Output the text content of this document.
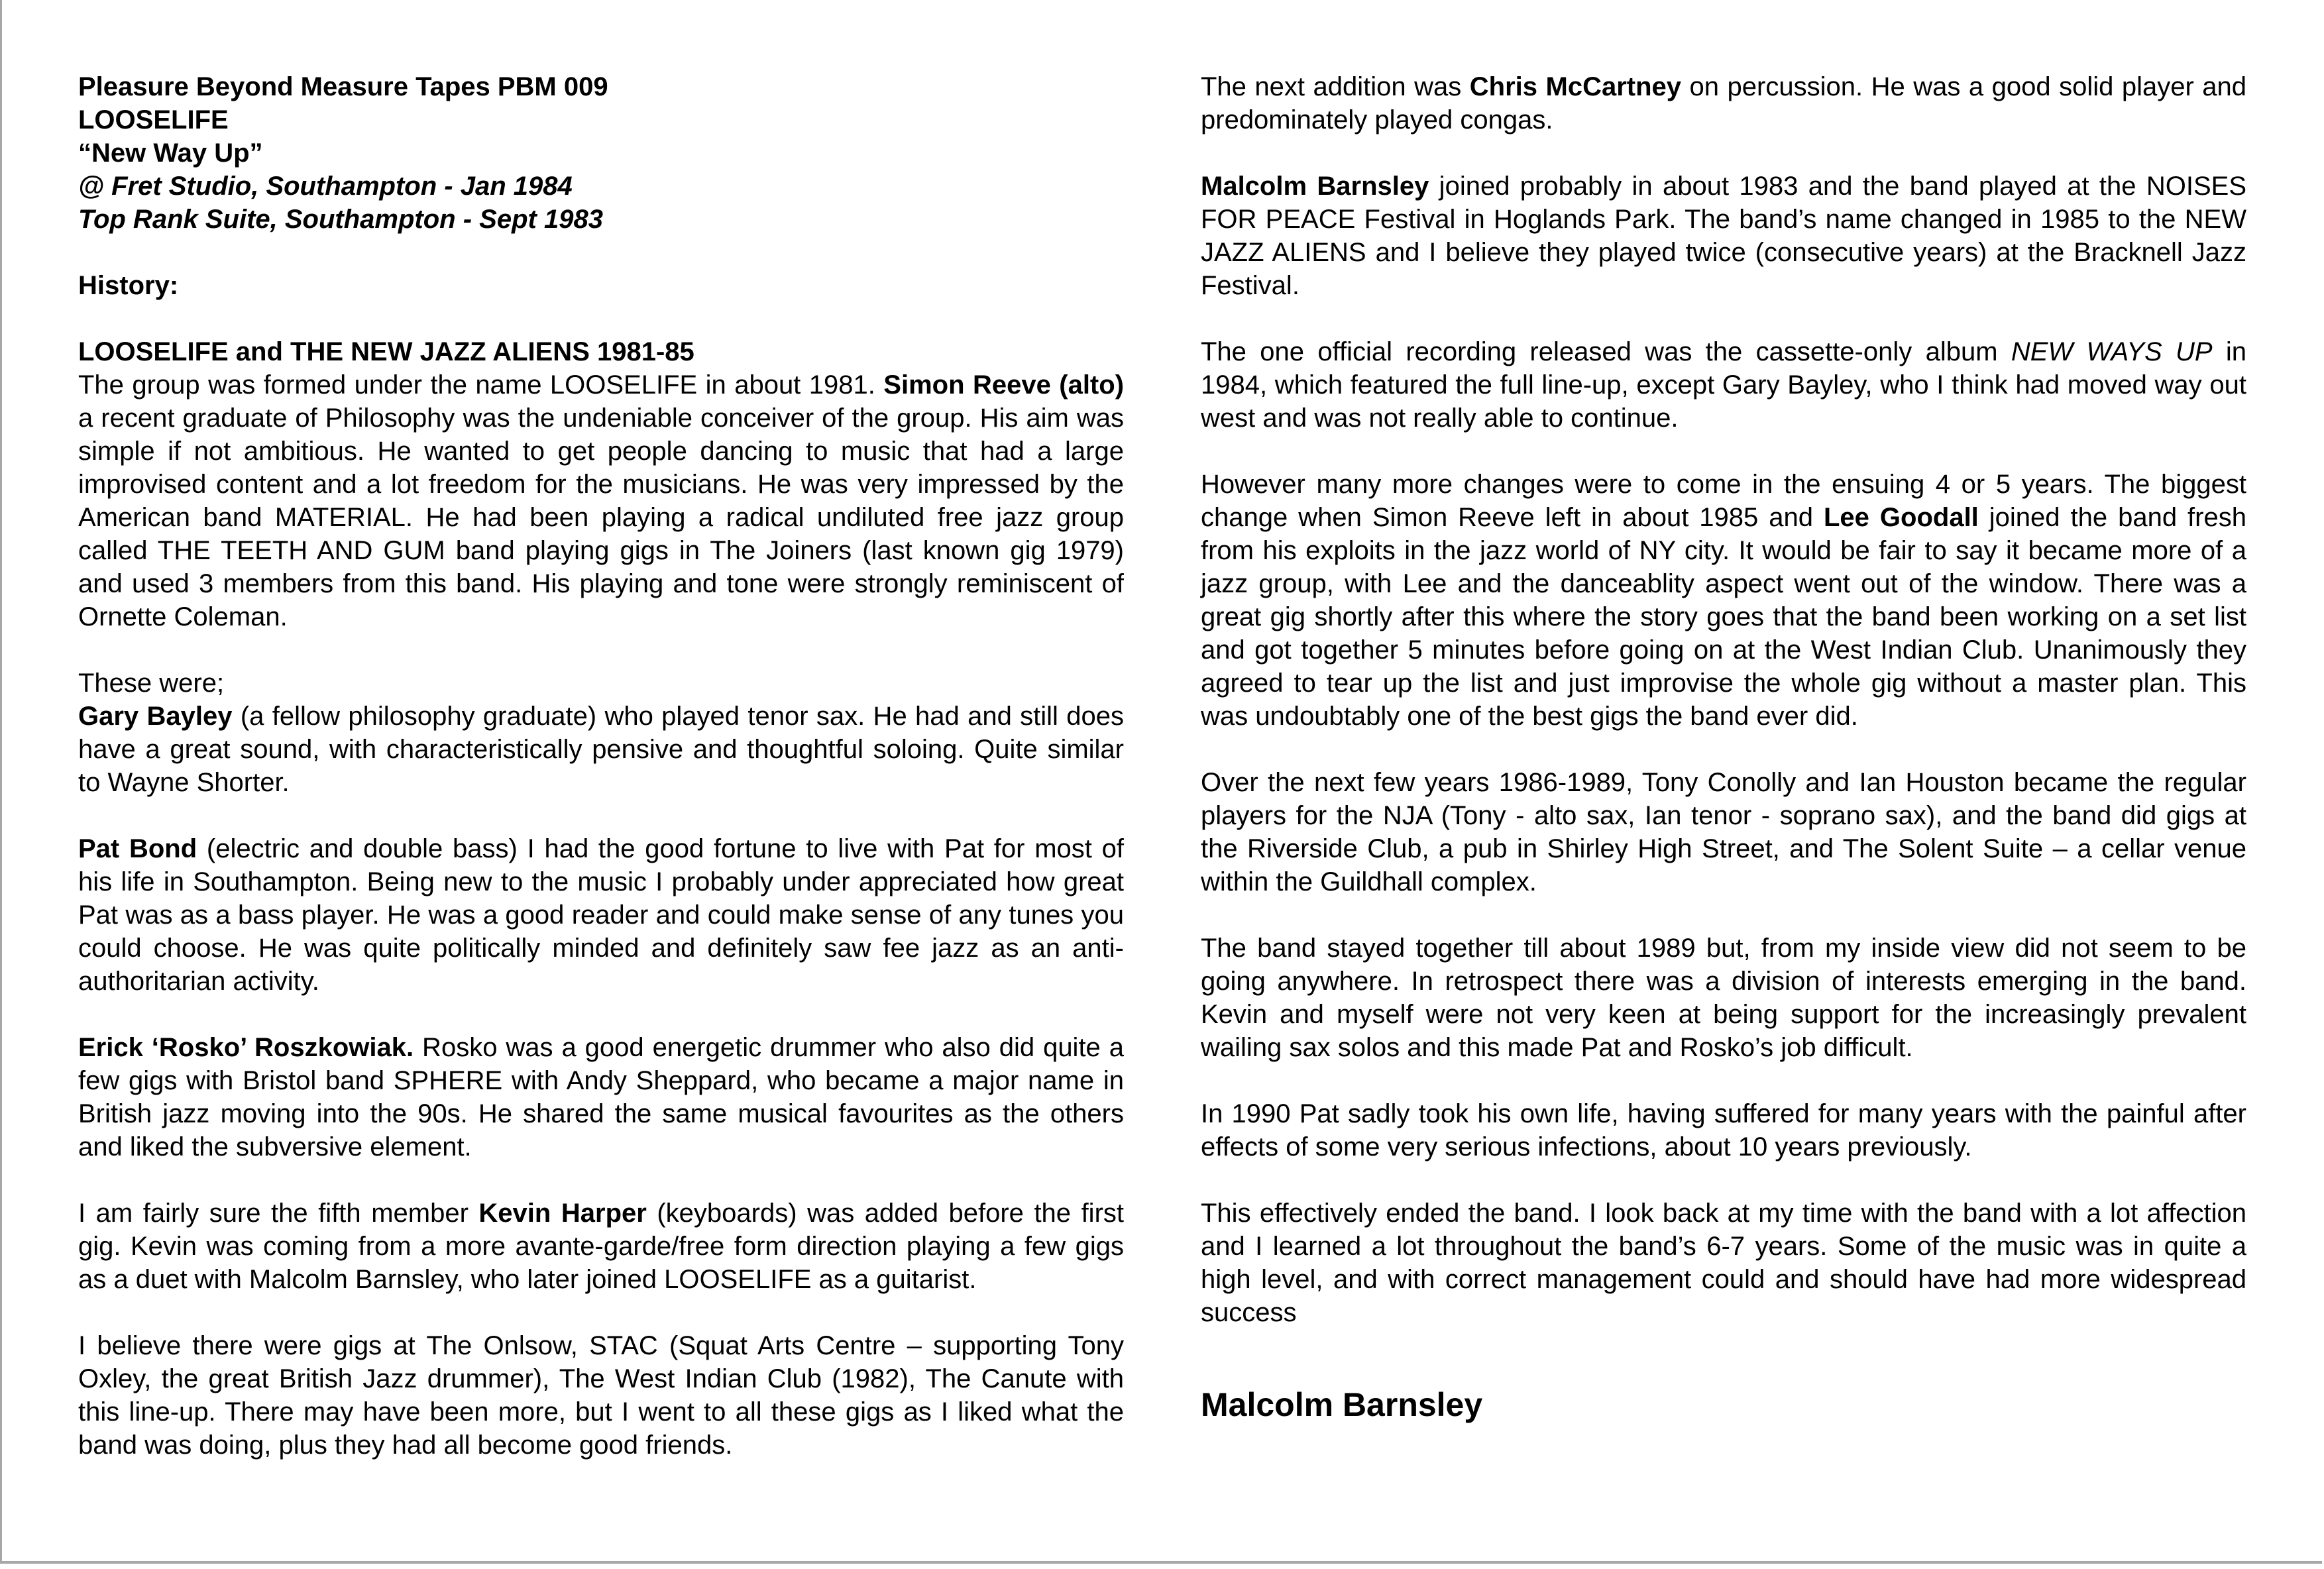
Pleasure Beyond Measure Tapes PBM 009
LOOSELIFE
“New Way Up”
@ Fret Studio, Southampton - Jan 1984
Top Rank Suite, Southampton - Sept 1983
History:
LOOSELIFE and THE NEW JAZZ ALIENS 1981-85

The group was formed under the name LOOSELIFE in about 1981. Simon Reeve (alto) a recent graduate of Philosophy was the undeniable conceiver of the group. His aim was simple if not ambitious. He wanted to get people dancing to music that had a large improvised content and a lot freedom for the musicians. He was very impressed by the American band MATERIAL. He had been playing a radical undiluted free jazz group called THE TEETH AND GUM band playing gigs in The Joiners (last known gig 1979) and used 3 members from this band. His playing and tone were strongly reminiscent of Ornette Coleman.

These were;

Gary Bayley (a fellow philosophy graduate) who played tenor sax. He had and still does have a great sound, with characteristically pensive and thoughtful soloing. Quite similar to Wayne Shorter.

Pat Bond (electric and double bass) I had the good fortune to live with Pat for most of his life in Southampton. Being new to the music I probably under appreciated how great Pat was as a bass player. He was a good reader and could make sense of any tunes you could choose. He was quite politically minded and definitely saw fee jazz as an anti-authoritarian activity.

Erick ‘Rosko’ Roszkowiak. Rosko was a good energetic drummer who also did quite a few gigs with Bristol band SPHERE with Andy Sheppard, who became a major name in British jazz moving into the 90s. He shared the same musical favourites as the others and liked the subversive element.

I am fairly sure the fifth member Kevin Harper (keyboards) was added before the first gig. Kevin was coming from a more avante-garde/free form direction playing a few gigs as a duet with Malcolm Barnsley, who later joined LOOSELIFE as a guitarist.

I believe there were gigs at The Onlsow, STAC (Squat Arts Centre – supporting Tony Oxley, the great British Jazz drummer), The West Indian Club (1982), The Canute with this line-up. There may have been more, but I went to all these gigs as I liked what the band was doing, plus they had all become good friends.

The next addition was Chris McCartney on percussion. He was a good solid player and predominately played congas.

Malcolm Barnsley joined probably in about 1983 and the band played at the NOISES FOR PEACE Festival in Hoglands Park. The band’s name changed in 1985 to the NEW JAZZ ALIENS and I believe they played twice (consecutive years) at the Bracknell Jazz Festival.

The one official recording released was the cassette-only album NEW WAYS UP in 1984, which featured the full line-up, except Gary Bayley, who I think had moved way out west and was not really able to continue.

However many more changes were to come in the ensuing 4 or 5 years. The biggest change when Simon Reeve left in about 1985 and Lee Goodall joined the band fresh from his exploits in the jazz world of NY city. It would be fair to say it became more of a jazz group, with Lee and the danceablity aspect went out of the window. There was a great gig shortly after this where the story goes that the band been working on a set list and got together 5 minutes before going on at the West Indian Club. Unanimously they agreed to tear up the list and just improvise the whole gig without a master plan. This was undoubtably one of the best gigs the band ever did.

Over the next few years 1986-1989, Tony Conolly and Ian Houston became the regular players for the NJA (Tony - alto sax, Ian tenor - soprano sax), and the band did gigs at the Riverside Club, a pub in Shirley High Street, and The Solent Suite – a cellar venue within the Guildhall complex.

The band stayed together till about 1989 but, from my inside view did not seem to be going anywhere. In retrospect there was a division of interests emerging in the band. Kevin and myself were not very keen at being support for the increasingly prevalent wailing sax solos and this made Pat and Rosko’s job difficult.

In 1990 Pat sadly took his own life, having suffered for many years with the painful after effects of some very serious infections, about 10 years previously.

This effectively ended the band. I look back at my time with the band with a lot affection and I learned a lot throughout the band’s 6-7 years. Some of the music was in quite a high level, and with correct management could and should have had more widespread success

Malcolm Barnsley
